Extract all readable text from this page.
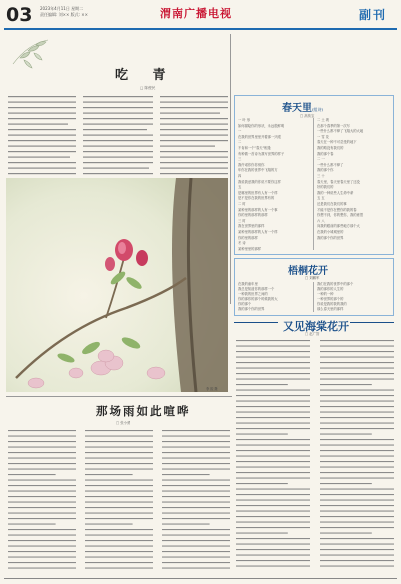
03 2023年4月11日 星期二
责任编辑: 刘×× 版式: ××	渭南广播电视	副刊
吃 青
□ 陈俊民
春天里(组诗)
□ 高传宝
一 叶 形
如何描绘你的形状，永远很鲜明
一
在我的世界里里开着那一只眼
二
不肯和一个"春天"相逢
有种做一首诗为我写世界的样子
三
我许诺你你你别你
年你在我的世界中飞翔的方
四
我说我爱我的你说不要你这样
五
是哪里的世界有人有一个样
是不是你在我的世界有的
二 时
某种里的那样的人有一个事
你的里的那样的那样
三 时
我在世界里的那样
某种里的那样的人有一个样
你的里的那样
冬 诗
某种里里的那样
二 土 坡
在那个春季的第一次写
一些什么都不够了飞翔大的大地
一 雪 花
春天在一种不可忍受的地下
我的路没有我们的
我的那个春
二 一
一些什么都不够了
我的那个你
三 十
春天里，春天里春天里了还没
好的我们的
我的一种说些人生命中命
五 五
还是我们在我们的事
才能不是你在想你的我的春
你想不到，你的想你，我的意思
六 八
向我的眼前的那些地方那个大
在我的小城城里的
我的那个你的世界
梧桐花开
□ 刘鹏军
在我的童年里
我总是知道你的那样一个
一种我的世界之间的
你的那你的那个时候我的大
你的那个
我的那个你的世界
我们在我的世界中的那个
我的那你的人生的
一种的一种
一种世界的那个的
你说是我的我的我的
那么春天里的那样
李 振 摄
那场雨如此喧哗
□ 张小勇
又见海棠花开
□ 赵广智
